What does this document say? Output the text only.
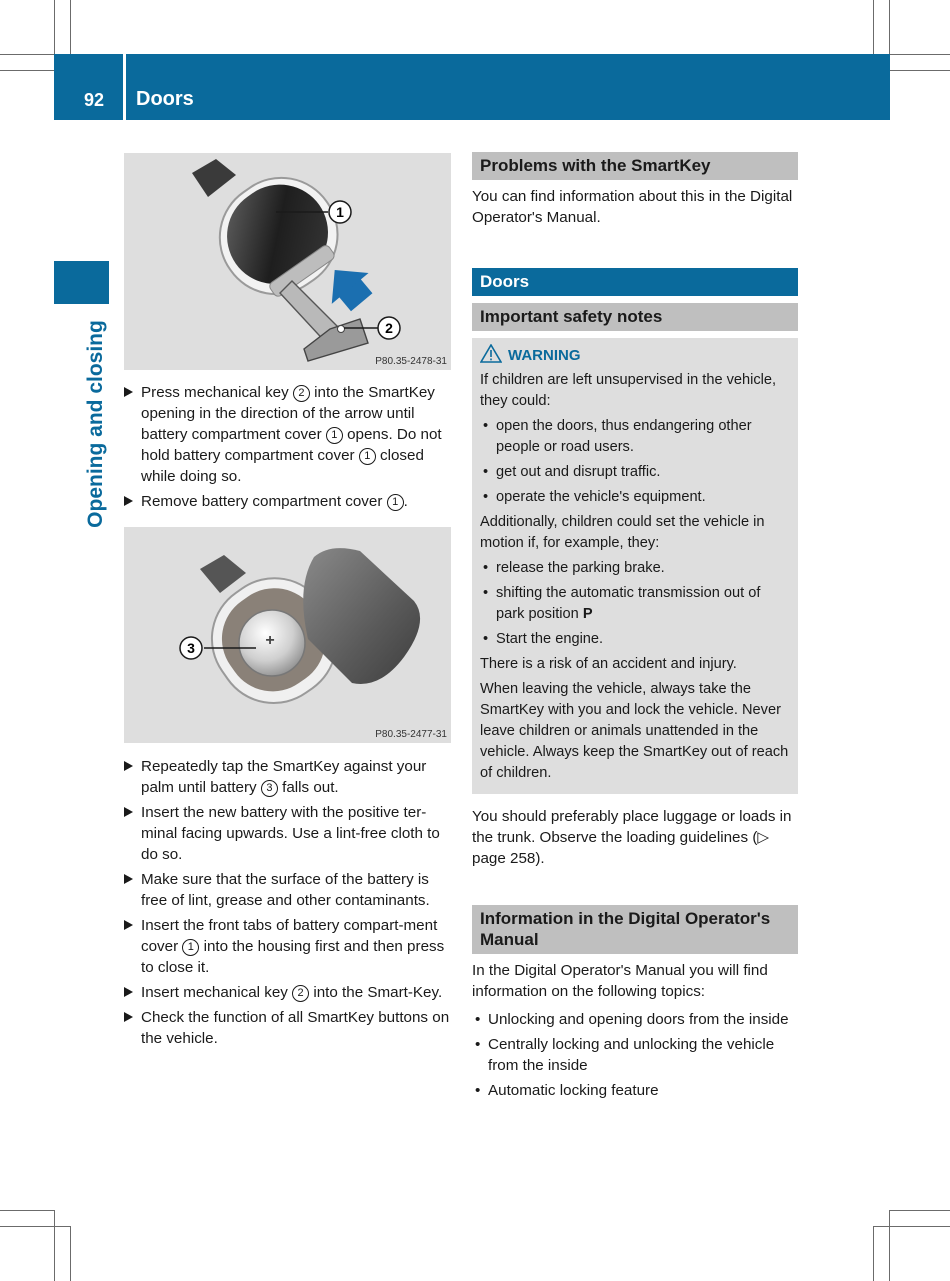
92 Doors
Opening and closing
1
2
P80.35-2478-31
Press mechanical key 2 into the SmartKey opening in the direction of the arrow until battery compartment cover 1 opens. Do not hold battery compartment cover 1 closed while doing so.
Remove battery compartment cover 1 .
+
3
P80.35-2477-31
Repeatedly tap the SmartKey against your palm until battery 3 falls out.
Insert the new battery with the positive ter-minal facing upwards. Use a lint-free cloth to do so.
Make sure that the surface of the battery is free of lint, grease and other contaminants.
Insert the front tabs of battery compart-ment cover 1 into the housing first and then press to close it.
Insert mechanical key 2 into the Smart-Key.
Check the function of all SmartKey buttons on the vehicle.
Problems with the SmartKey

You can find information about this in the Digital Operator's Manual.

Doors
Important safety notes
WARNING

If children are left unsupervised in the vehicle, they could:

• open the doors, thus endangering other people or road users.
• get out and disrupt traffic.
• operate the vehicle's equipment.

Additionally, children could set the vehicle in motion if, for example, they:

• release the parking brake.
• shifting the automatic transmission out of park position P
• Start the engine.

There is a risk of an accident and injury.

When leaving the vehicle, always take the SmartKey with you and lock the vehicle. Never leave children or animals unattended in the vehicle. Always keep the SmartKey out of reach of children.

You should preferably place luggage or loads in the trunk. Observe the loading guidelines (▷ page 258).

Information in the Digital Operator's Manual

In the Digital Operator's Manual you will find information on the following topics:

• Unlocking and opening doors from the inside
• Centrally locking and unlocking the vehicle from the inside
• Automatic locking feature
